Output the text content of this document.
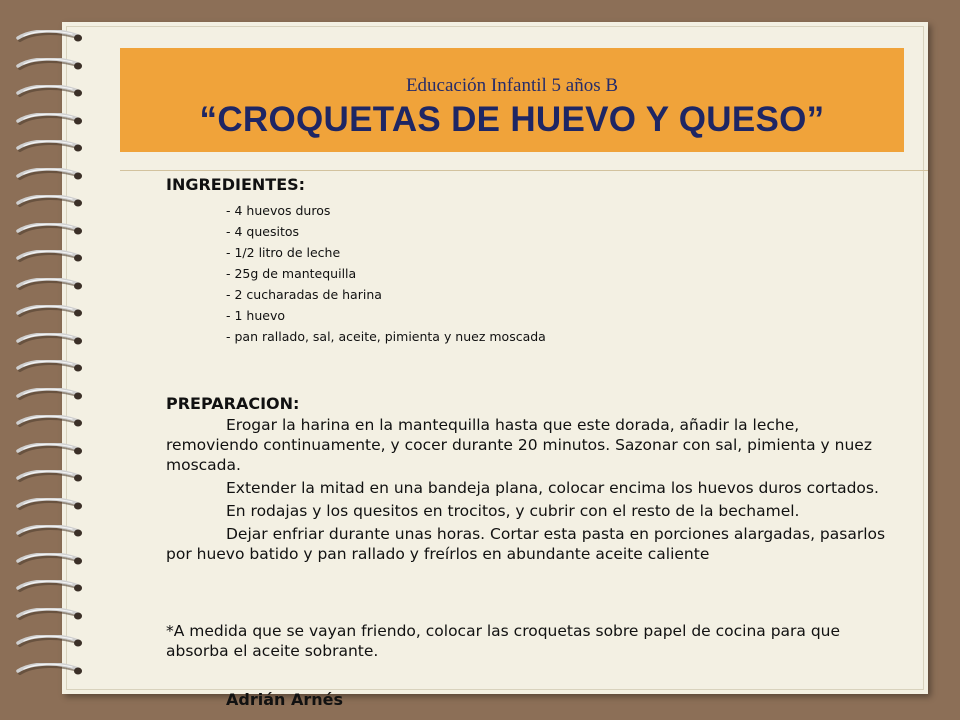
Educación Infantil 5 años B
“CROQUETAS DE HUEVO Y QUESO”

INGREDIENTES:

- 4 huevos duros
- 4 quesitos
- 1/2 litro de leche
- 25g de mantequilla
- 2 cucharadas de harina
- 1 huevo
- pan rallado, sal, aceite, pimienta y nuez moscada

PREPARACION:

Erogar la harina en la mantequilla hasta que este dorada, añadir la leche, removiendo continuamente, y cocer durante 20 minutos. Sazonar con sal, pimienta y nuez moscada.

Extender la mitad en una bandeja plana, colocar encima los huevos duros cortados.

En rodajas y los quesitos en trocitos, y cubrir con el resto de la bechamel.

Dejar enfriar durante unas horas. Cortar esta pasta en porciones alargadas, pasarlos por huevo batido y pan rallado y freírlos en abundante aceite caliente

*A medida que se vayan friendo, colocar las croquetas sobre papel de cocina para que absorba el aceite sobrante.

Adrián Arnés
